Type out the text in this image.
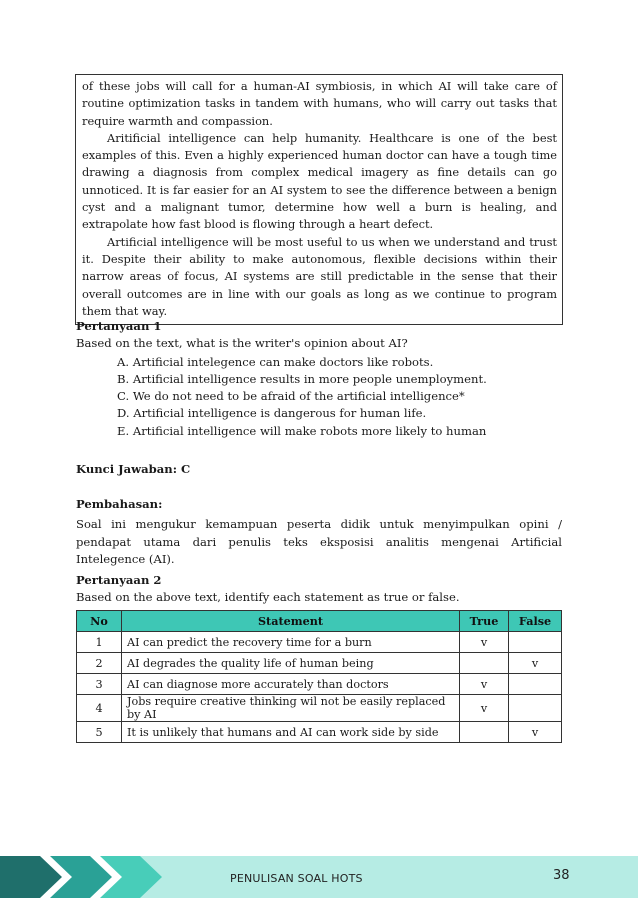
of these jobs will call for a human-AI symbiosis, in which AI will take care of routine optimization tasks in tandem with humans, who will carry out tasks that require warmth and compassion.

Aritificial intelligence can help humanity. Healthcare is one of the best examples of this. Even a highly experienced human doctor can have a tough time drawing a diagnosis from complex medical imagery as fine details can go unnoticed. It is far easier for an AI system to see the difference between a benign cyst and a malignant tumor, determine how well a burn is healing, and extrapolate how fast blood is flowing through a heart defect.

Artificial intelligence will be most useful to us when we understand and trust it. Despite their ability to make autonomous, flexible decisions within their narrow areas of focus, AI systems are still predictable in the sense that their overall outcomes are in line with our goals as long as we continue to program them that way.

Pertanyaan 1

Based on the text, what is the writer's opinion about AI?

A. Artificial intelegence can make doctors like robots.
B. Artificial intelligence results in more people unemployment.
C. We do not need to be afraid of the artificial intelligence*
D. Artificial intelligence is dangerous for human life.
E. Artificial intelligence will make robots more likely to human
Kunci Jawaban: C
Pembahasan:

Soal ini mengukur kemampuan peserta didik untuk menyimpulkan opini / pendapat utama dari penulis teks eksposisi analitis mengenai Artificial Intelegence (AI).

Pertanyaan 2

Based on the above text, identify each statement as true or false.

No	Statement	True	False
1	AI can predict the recovery time for a burn	v	
2	AI degrades the quality life of human being		v
3	AI can diagnose more accurately than doctors	v	
4	Jobs require creative thinking wil not be easily replaced by AI	v	
5	It is unlikely that humans and AI can work side by side		v
PENULISAN SOAL HOTS	38
